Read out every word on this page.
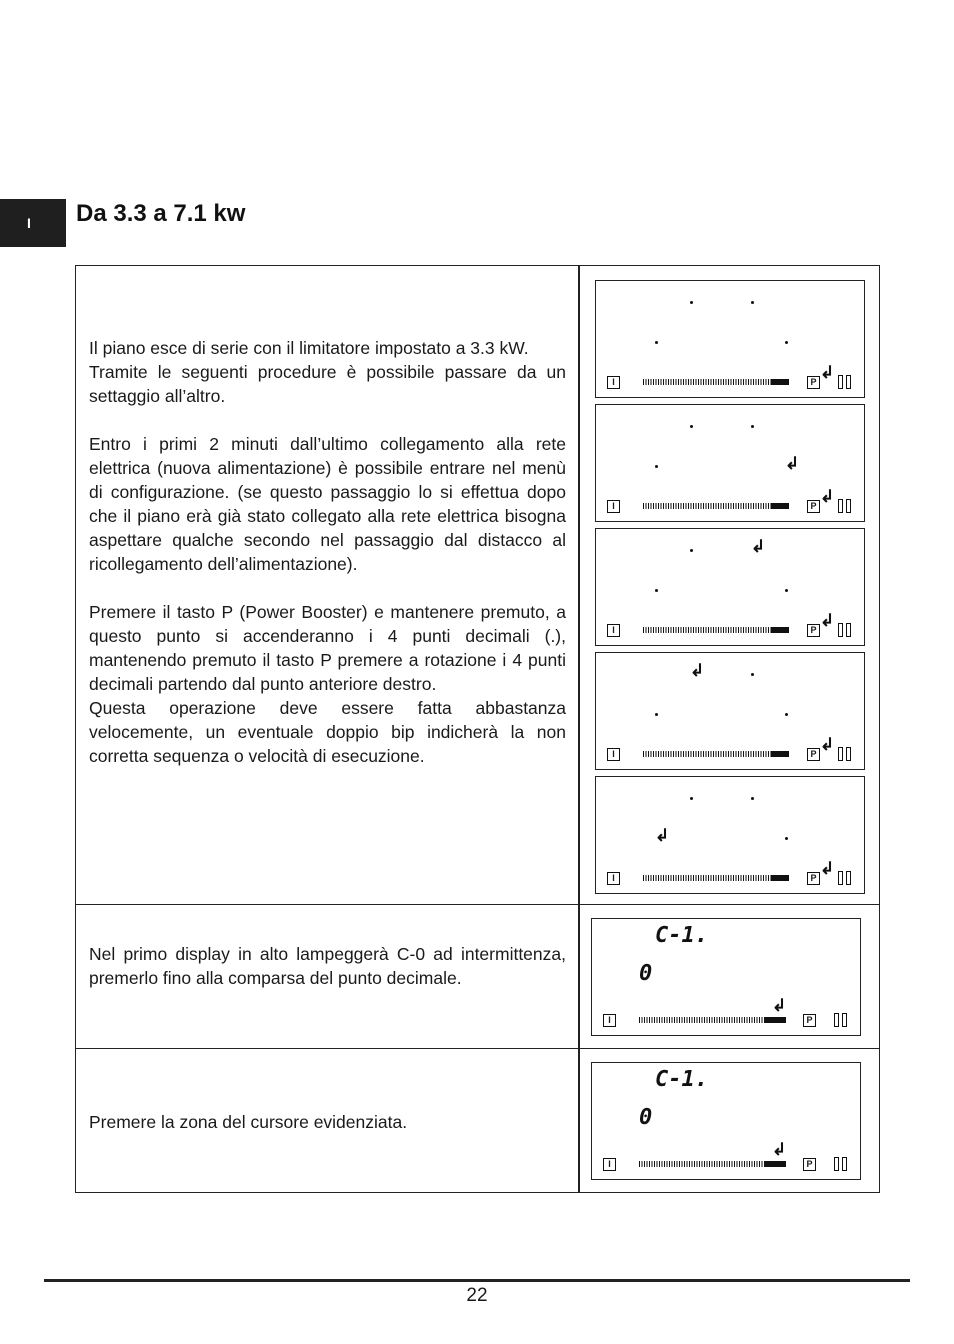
I	Da 3.3 a 7.1 kw

Il piano esce di serie con il limitatore impostato a 3.3 kW.
Tramite le seguenti procedure è possibile passare da un settaggio all’altro.

Entro i primi 2 minuti dall’ultimo collegamento alla rete elettrica (nuova alimentazione) è possibile entrare nel menù di configurazione. (se questo passaggio lo si effettua dopo che il piano erà già stato collegato alla rete elettrica bisogna aspettare qualche secondo nel passaggio dal distacco al ricollegamento dell’alimentazione).

Premere il tasto P (Power Booster) e mantenere premuto, a questo punto si accenderanno i 4 punti decimali (.), mantenendo premuto il tasto P premere a rotazione i 4 punti decimali partendo dal punto anteriore destro.
Questa operazione deve essere fatta abbastanza velocemente, un eventuale doppio bip indicherà la non corretta sequenza o velocità di esecuzione.

Nel primo display in alto lampeggerà C-0 ad intermittenza, premerlo fino alla comparsa del punto decimale.

Premere la zona del cursore evidenziata.

I	P ↲
↲
I	P ↲
↲
I	P ↲
↲
I	P ↲
↲
I	P ↲
C-1.
0
↲
I	P
C-1.
0
↲
I	P
22
